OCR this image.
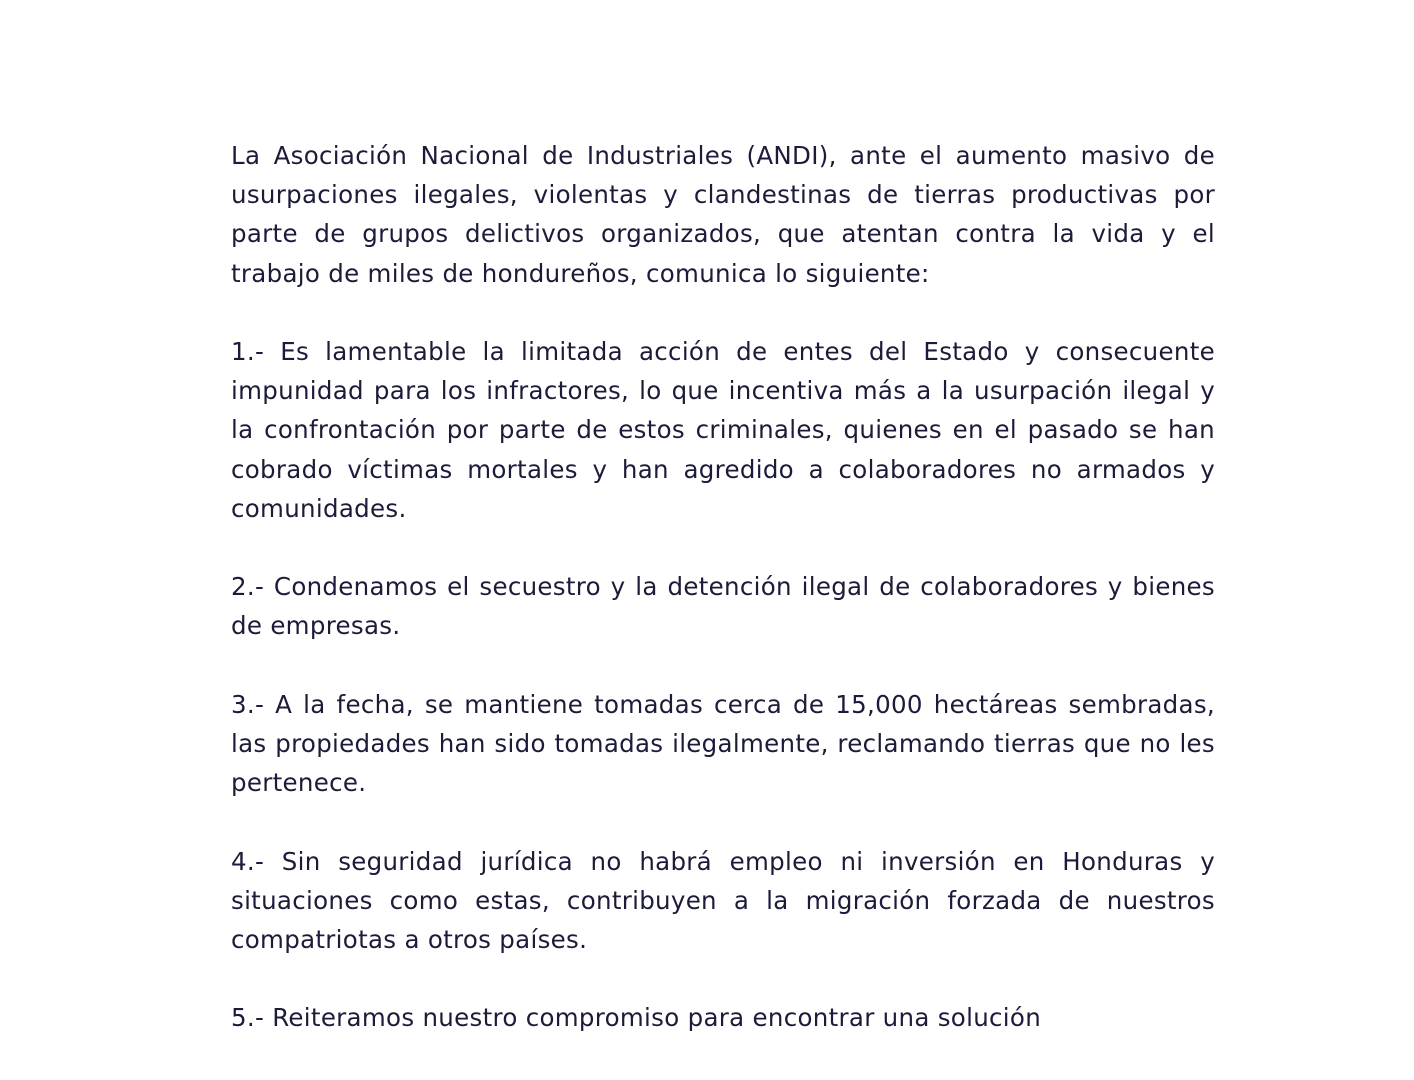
La Asociación Nacional de Industriales (ANDI), ante el aumento masivo de usurpaciones ilegales, violentas y clandestinas de tierras productivas por parte de grupos delictivos organizados, que atentan contra la vida y el trabajo de miles de hondureños, comunica lo siguiente:

1.- Es lamentable la limitada acción de entes del Estado y consecuente impunidad para los infractores, lo que incentiva más a la usurpación ilegal y la confrontación por parte de estos criminales, quienes en el pasado se han cobrado víctimas mortales y han agredido a colaboradores no armados y comunidades.

2.- Condenamos el secuestro y la detención ilegal de colaboradores y bienes de empresas.

3.- A la fecha, se mantiene tomadas cerca de 15,000 hectáreas sembradas, las propiedades han sido tomadas ilegalmente, reclamando tierras que no les pertenece.

4.- Sin seguridad jurídica no habrá empleo ni inversión en Honduras y situaciones como estas, contribuyen a la migración forzada de nuestros compatriotas a otros países.

5.- Reiteramos nuestro compromiso para encontrar una solución
